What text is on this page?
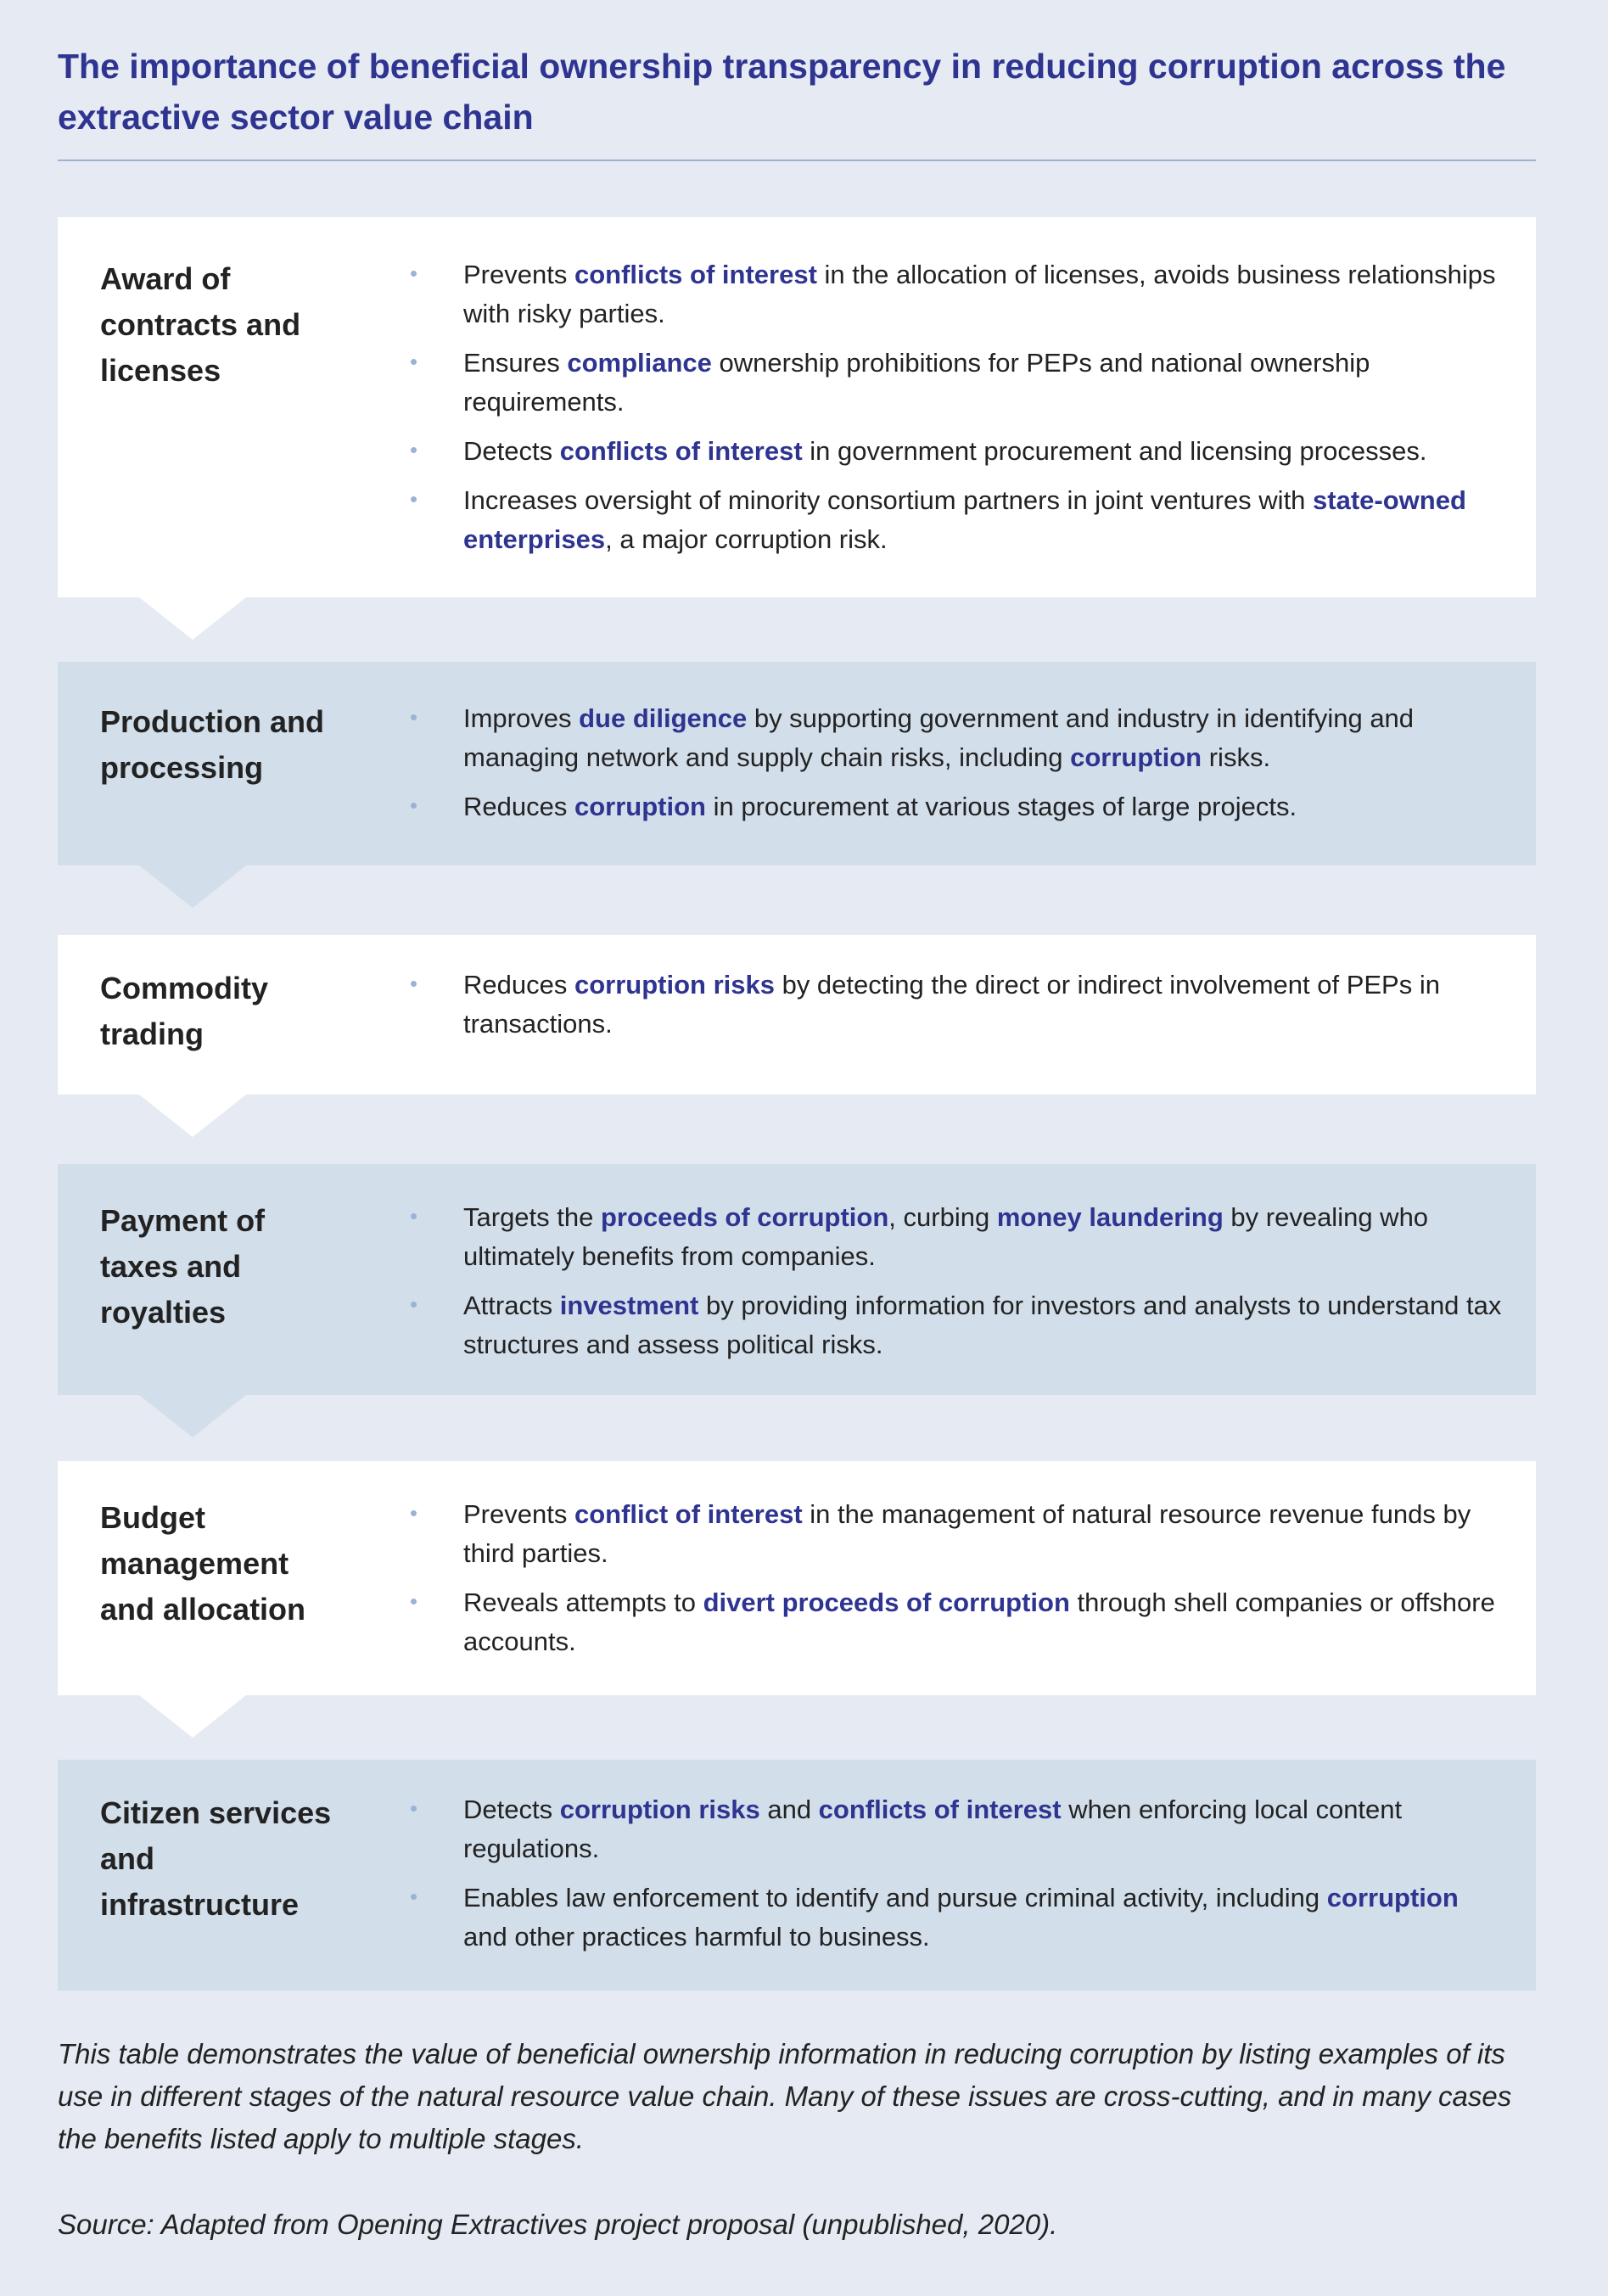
The importance of beneficial ownership transparency in reducing corruption across the extractive sector value chain

Award of contracts and licenses

Prevents conflicts of interest in the allocation of licenses, avoids business relationships with risky parties.
Ensures compliance ownership prohibitions for PEPs and national ownership requirements.
Detects conflicts of interest in government procurement and licensing processes.
Increases oversight of minority consortium partners in joint ventures with state-owned enterprises, a major corruption risk.

Production and processing

Improves due diligence by supporting government and industry in identifying and managing network and supply chain risks, including corruption risks.
Reduces corruption in procurement at various stages of large projects.

Commodity trading

Reduces corruption risks by detecting the direct or indirect involvement of PEPs in transactions.

Payment of taxes and royalties

Targets the proceeds of corruption, curbing money laundering by revealing who ultimately benefits from companies.
Attracts investment by providing information for investors and analysts to understand tax structures and assess political risks.

Budget management and allocation

Prevents conflict of interest in the management of natural resource revenue funds by third parties.
Reveals attempts to divert proceeds of corruption through shell companies or offshore accounts.

Citizen services and infrastructure

Detects corruption risks and conflicts of interest when enforcing local content regulations.
Enables law enforcement to identify and pursue criminal activity, including corruption and other practices harmful to business.

This table demonstrates the value of beneficial ownership information in reducing corruption by listing examples of its use in different stages of the natural resource value chain. Many of these issues are cross-cutting, and in many cases the benefits listed apply to multiple stages.

Source: Adapted from Opening Extractives project proposal (unpublished, 2020).
